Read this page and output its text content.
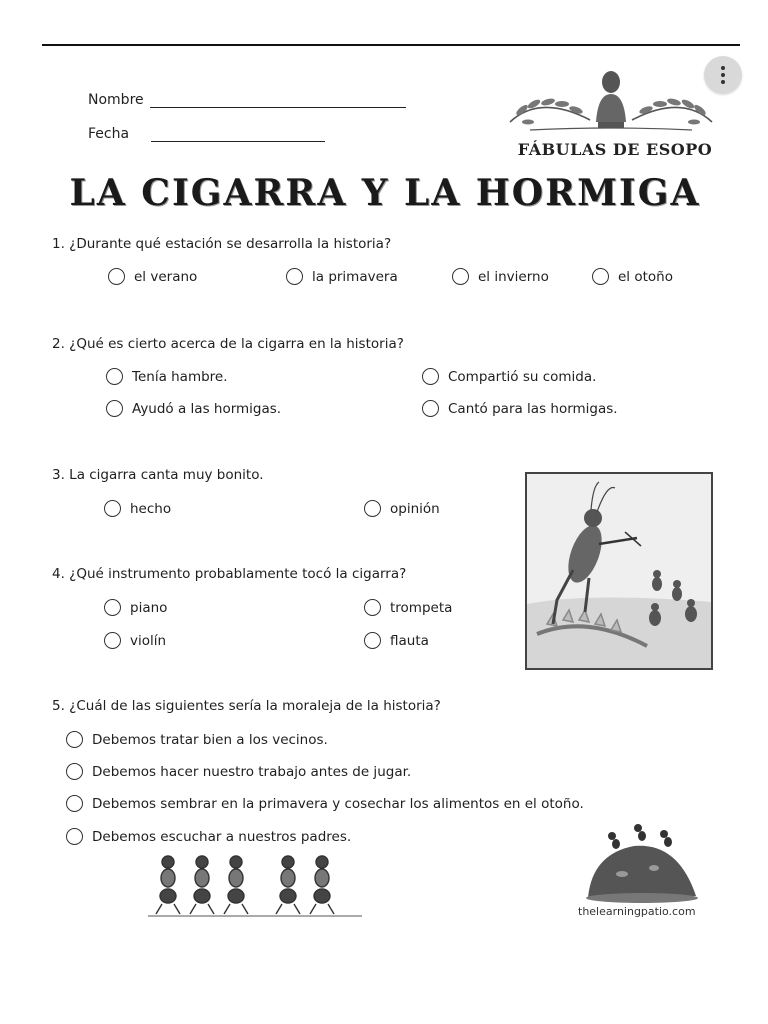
Nombre
Fecha
FÁBULAS DE ESOPO
LA CIGARRA Y LA HORMIGA
1. ¿Durante qué estación se desarrolla la historia?
el verano	la primavera	el invierno	el otoño
2. ¿Qué es cierto acerca de la cigarra en la historia?
Tenía hambre.	Compartió su comida.
Ayudó a las hormigas.	Cantó para las hormigas.
3. La cigarra canta muy bonito.
hecho	opinión
4. ¿Qué instrumento probablamente tocó la cigarra?
piano	trompeta
violín	flauta
5. ¿Cuál de las siguientes sería la moraleja de la historia?
Debemos tratar bien a los vecinos.
Debemos hacer nuestro trabajo antes de jugar.
Debemos sembrar en la primavera y cosechar los alimentos en el otoño.
Debemos escuchar a nuestros padres.
thelearningpatio.com
